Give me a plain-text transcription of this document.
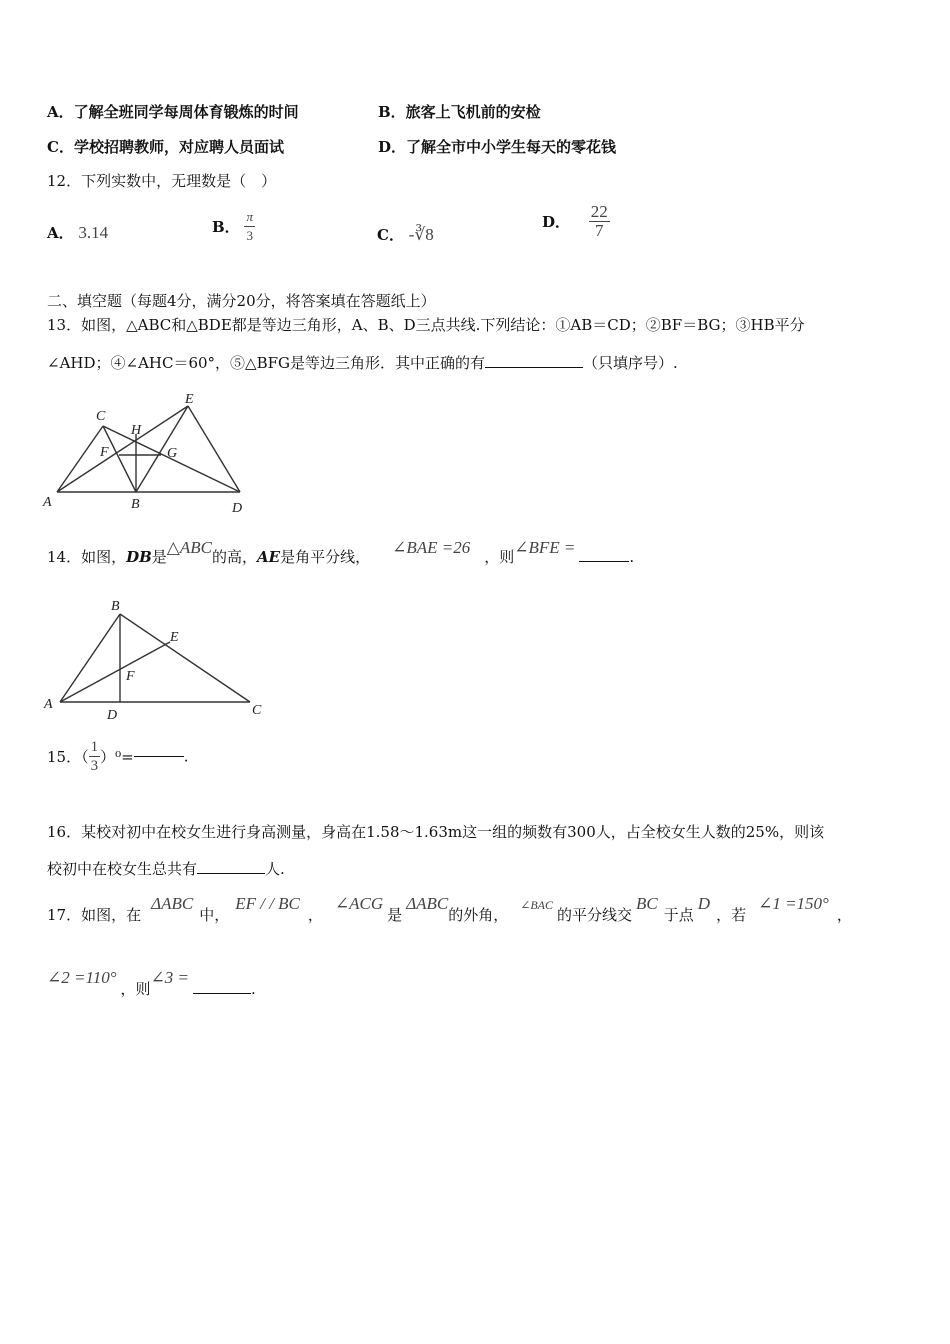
A．了解全班同学每周体育锻炼的时间	B．旅客上飞机前的安检
C．学校招聘教师，对应聘人员面试	D．了解全市中小学生每天的零花钱
12．下列实数中，无理数是（　）
A． 3.14	B． $\frac{\pi}{3}$	C． -∛8
D． $\frac{22}{7}$
二、填空题（每题4分，满分20分，将答案填在答题纸上）
13．如图，△ABC和△BDE都是等边三角形，A、B、D三点共线.下列结论：①AB＝CD；②BF＝BG；③HB平分
∠AHD；④∠AHC＝60°，⑤△BFG是等边三角形．其中正确的有	（只填序号）.
A	B
C
D
E
F	G
H
14．如图，DB是△ABC的高，AE是角平分线， ∠BAE =26 ，则∠BFE =	.
A
B
C
D
E
F
15．（ $\frac{1}{3} )^0=$	.
16．某校对初中在校女生进行身高测量，身高在1.58～1.63m这一组的频数有300人，占全校女生人数的25%，则该
校初中在校女生总共有	人.
17．如图，在ΔABC中，EF / / BC，∠ACG是ΔABC的外角，$^{\angle BAC}$的平分线交BC于点D，若∠1 =150°，
∠2 =110°，则∠3 =.
